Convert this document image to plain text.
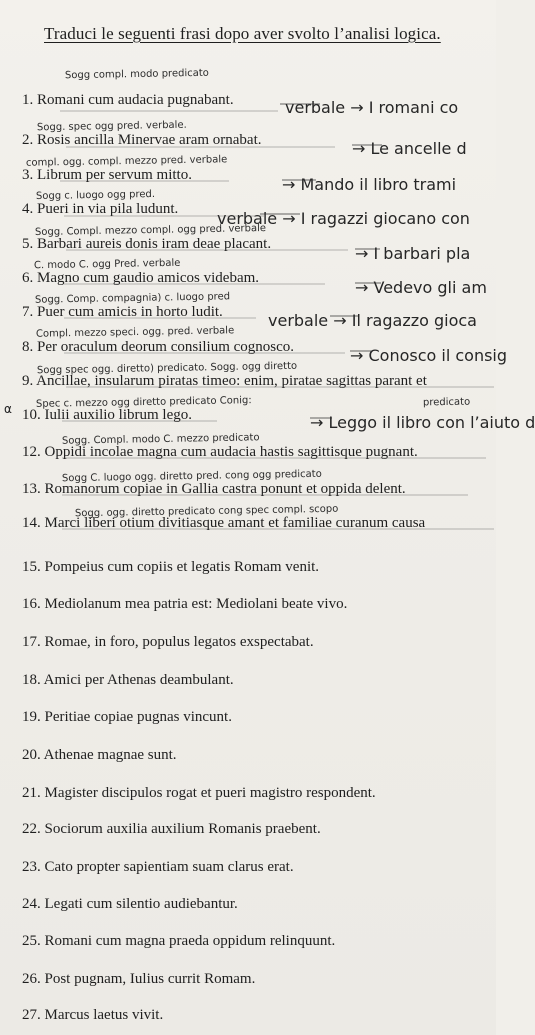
Traduci le seguenti frasi dopo aver svolto l’analisi logica.
Sogg compl. modo predicato
verbale → I romani co
Sogg. spec ogg pred. verbale.
→ Le ancelle d
compl. ogg. compl. mezzo pred. verbale
→ Mando il libro trami
Sogg c. luogo ogg pred.
verbale → I ragazzi giocano con
Sogg. Compl. mezzo compl. ogg pred. verbale
→ I barbari pla
C. modo C. ogg Pred. verbale
→ Vedevo gli am
Sogg. Comp. compagnia) c. luogo pred
verbale → Il ragazzo gioca
Compl. mezzo speci. ogg. pred. verbale
→ Conosco il consig
Sogg spec ogg. diretto) predicato. Sogg. ogg diretto
α	Spec c. mezzo ogg diretto predicato Conig:
→ Leggo il libro con l’aiuto d
predicato
Sogg. Compl. modo C. mezzo predicato
Sogg C. luogo ogg. diretto pred. cong ogg predicato
Sogg. ogg. diretto predicato cong spec compl. scopo
1. Romani cum audacia pugnabant.
2. Rosis ancilla Minervae aram ornabat.
3. Librum per servum mitto.
4. Pueri in via pila ludunt.
5. Barbari aureis donis iram deae placant.
6. Magno cum gaudio amicos videbam.
7. Puer cum amicis in horto ludit.
8. Per oraculum deorum consilium cognosco.
9. Ancillae, insularum piratas timeo: enim, piratae sagittas parant et
10. Iulii auxilio librum lego.
12. Oppidi incolae magna cum audacia hastis sagittisque pugnant.
13. Romanorum copiae in Gallia castra ponunt et oppida delent.
14. Marci liberi otium divitiasque amant et familiae curanum causa
15. Pompeius cum copiis et legatis Romam venit.
16. Mediolanum mea patria est: Mediolani beate vivo.
17. Romae, in foro, populus legatos exspectabat.
18. Amici per Athenas deambulant.
19. Peritiae copiae pugnas vincunt.
20. Athenae magnae sunt.
21. Magister discipulos rogat et pueri magistro respondent.
22. Sociorum auxilia auxilium Romanis praebent.
23. Cato propter sapientiam suam clarus erat.
24. Legati cum silentio audiebantur.
25. Romani cum magna praeda oppidum relinquunt.
26. Post pugnam, Iulius currit Romam.
27. Marcus laetus vivit.
